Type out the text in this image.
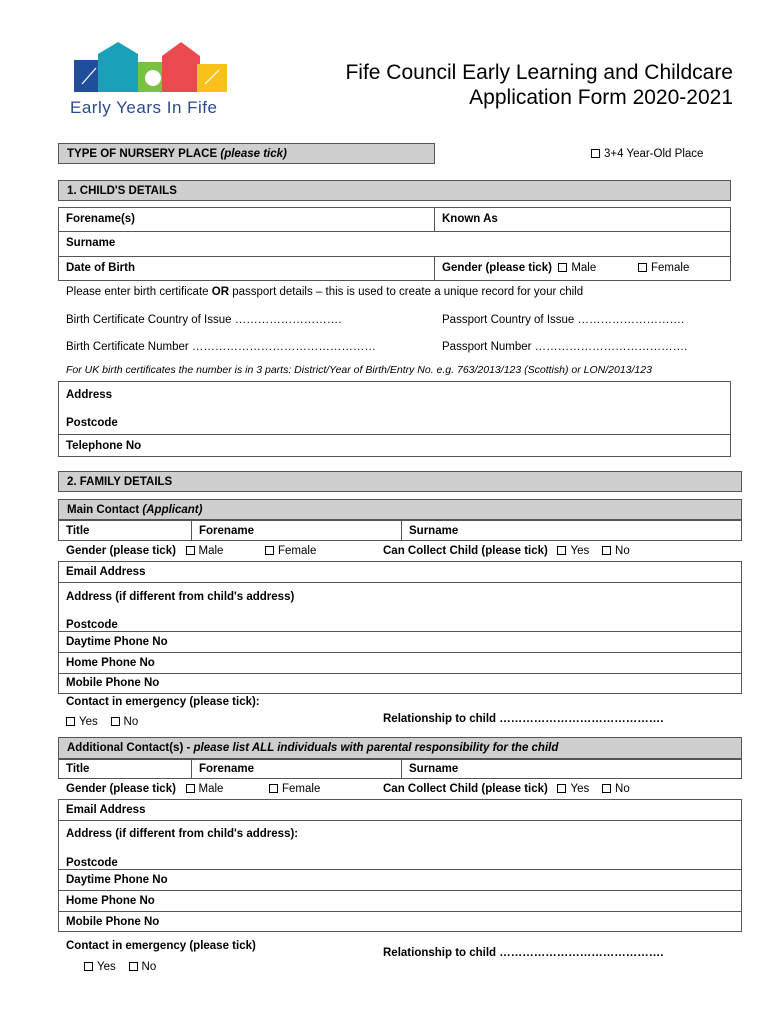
Early Years In Fife
Fife Council Early Learning and Childcare
Application Form 2020-2021
TYPE OF NURSERY PLACE
(please tick)	3+4 Year-Old Place
1. CHILD'S DETAILS
Forename(s)	Known As
Surname
Date of Birth	Gender (please tick) Male	Female
Please enter birth certificate OR passport details – this is used to create a unique record for your child
Birth Certificate Country of Issue ……………………….	Passport Country of Issue ……………………….
Birth Certificate Number …………………………………………	Passport Number ………………………………….
For UK birth certificates the number is in 3 parts: District/Year of Birth/Entry No. e.g. 763/2013/123 (Scottish) or LON/2013/123
Address
Postcode
Telephone No
2. FAMILY DETAILS
Main Contact
(Applicant)
Title	Forename	Surname
Gender (please tick) Male	Female	Can Collect Child (please tick) Yes No
Email Address
Address (if different from child's address)
Postcode
Daytime Phone No
Home Phone No
Mobile Phone No
Contact in emergency (please tick):
Yes No	Relationship to child …………………………………….
Additional Contact(s) -
please list ALL individuals with parental responsibility for the child
Title	Forename	Surname
Gender (please tick) Male	Female	Can Collect Child (please tick) Yes No
Email Address
Address (if different from child's address):
Postcode
Daytime Phone No
Home Phone No
Mobile Phone No
Contact in emergency (please tick)
Yes No
Relationship to child …………………………………….
